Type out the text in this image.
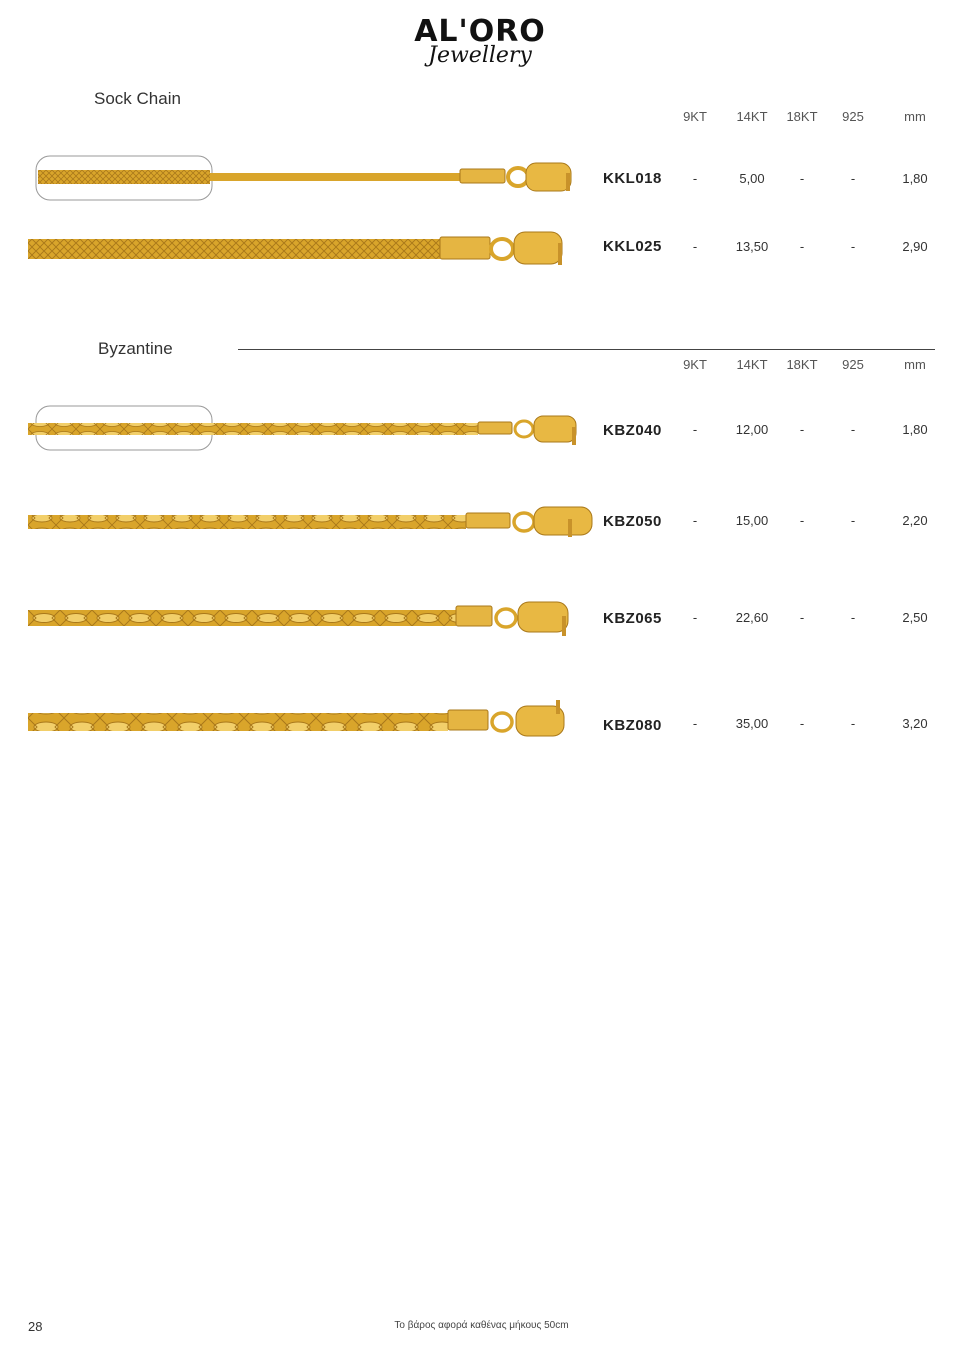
AL'ORO
Jewellery
Sock Chain
9KT	14KT	18KT	925	mm
KKL018	-	5,00	-	-	1,80
KKL025	-	13,50	-	-	2,90
Byzantine
9KT	14KT	18KT	925	mm
KBZ040	-	12,00	-	-	1,80
KBZ050	-	15,00	-	-	2,20
KBZ065	-	22,60	-	-	2,50
KBZ080	-	35,00	-	-	3,20
28	Το βάρος αφορά καθένας μήκους 50cm
